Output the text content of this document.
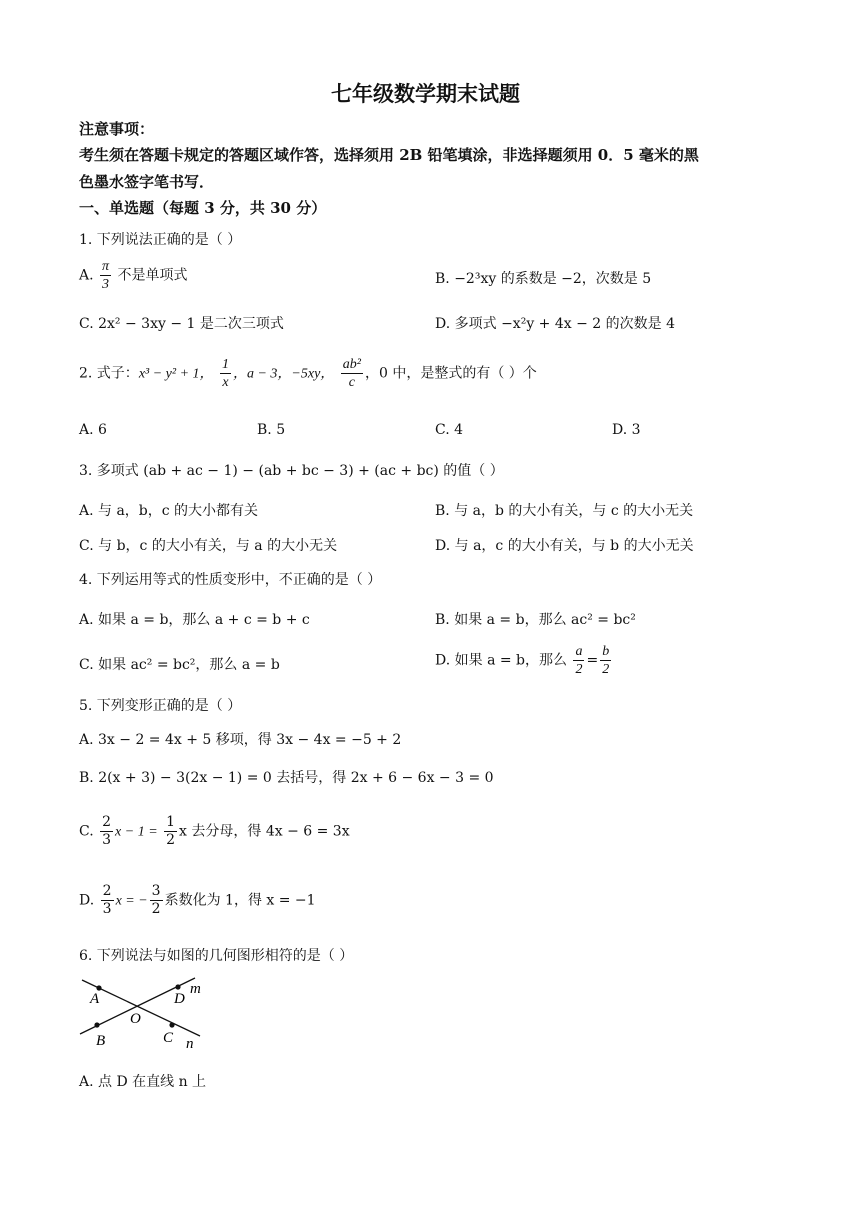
七年级数学期末试题
注意事项：
考生须在答题卡规定的答题区域作答，选择须用 2B 铅笔填涂，非选择题须用 0．5 毫米的黑
色墨水签字笔书写．
一、单选题（每题 3 分，共 30 分）
1. 下列说法正确的是（ ）
A. $\frac{\pi}{3}$ 不是单项式	B. −2³xy 的系数是 −2，次数是 5
C. 2x² − 3xy − 1 是二次三项式	D. 多项式 −x²y + 4x − 2 的次数是 4
2. 式子：x³ − y² + 1， $\frac{1}{x}$ ，a − 3，−5xy， $\frac{\text{ab²}}{c}$ ，0 中，是整式的有（ ）个
A. 6	B. 5	C. 4	D. 3
3. 多项式 (ab + ac − 1) − (ab + bc − 3) + (ac + bc) 的值（ ）
A. 与 a，b，c 的大小都有关	B. 与 a，b 的大小有关，与 c 的大小无关
C. 与 b，c 的大小有关，与 a 的大小无关	D. 与 a，c 的大小有关，与 b 的大小无关
4. 下列运用等式的性质变形中，不正确的是（ ）
A. 如果 a = b，那么 a + c = b + c	B. 如果 a = b，那么 ac² = bc²
C. 如果 ac² = bc²，那么 a = b	D. 如果 a = b，那么 $\frac{a}{2} = \frac{b}{2}$
5. 下列变形正确的是（ ）
A. 3x − 2 = 4x + 5 移项，得 3x − 4x = −5 + 2
B. 2(x + 3) − 3(2x − 1) = 0 去括号，得 2x + 6 − 6x − 3 = 0
C. $\frac{2}{3}$ $x - 1 = \frac{1}{2}$ x 去分母，得 4x − 6 = 3x
D. $\frac{2}{3}$ x = − $\frac{3}{2}$ 系数化为 1，得 x = −1
6. 下列说法与如图的几何图形相符的是（ ）
A	D
m
O
B	C n
A. 点 D 在直线 n 上
